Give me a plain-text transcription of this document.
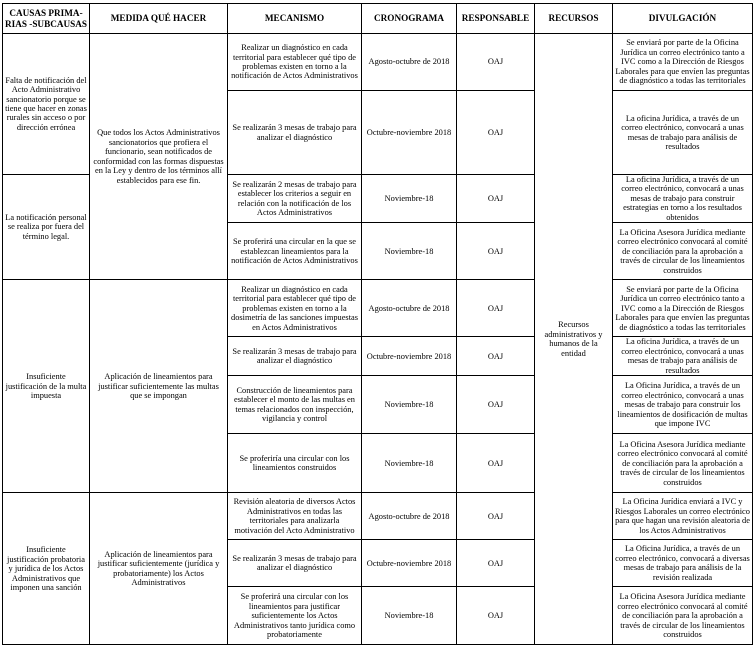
CAUSAS PRIMARIAS -SUBCAUSAS	MEDIDA QUÉ HACER	MECANISMO	CRONOGRAMA	RESPONSABLE	RECURSOS	DIVULGACIÓN
Falta de notificación del Acto Administrativo sancionatorio porque se tiene que hacer en zonas rurales sin acceso o por dirección errónea	Que todos los Actos Administrativos sancionatorios que profiera el funcionario, sean notificados de conformidad con las formas dispuestas en la Ley y dentro de los términos allí establecidos para ese fin.	Realizar un diagnóstico en cada territorial para establecer qué tipo de problemas existen en torno a la notificación de Actos Administrativos	Agosto-octubre de 2018	OAJ	Recursos administrativos y humanos de la entidad	Se enviará por parte de la Oficina Jurídica un correo electrónico tanto a IVC como a la Dirección de Riesgos Laborales para que envíen las preguntas de diagnóstico a todas las territoriales
		Se realizarán 3 mesas de trabajo para analizar el diagnóstico	Octubre-noviembre 2018	OAJ		La oficina Jurídica, a través de un correo electrónico, convocará a unas mesas de trabajo para análisis de resultados
La notificación personal se realiza por fuera del término legal.		Se realizarán 2 mesas de trabajo para establecer los criterios a seguir en relación con la notificación de los Actos Administrativos	Noviembre-18	OAJ		La oficina Jurídica, a través de un correo electrónico, convocará a unas mesas de trabajo para construir estrategias en torno a los resultados obtenidos
		Se proferirá una circular en la que se establezcan lineamientos para la notificación de Actos Administrativos	Noviembre-18	OAJ		La Oficina Asesora Jurídica mediante correo electrónico convocará al comité de conciliación para la aprobación a través de circular de los lineamientos construidos
Insuficiente justificación de la multa impuesta	Aplicación de lineamientos para justificar suficientemente las multas que se impongan	Realizar un diagnóstico en cada territorial para establecer qué tipo de problemas existen en torno a la dosimetría de las sanciones impuestas en Actos Administrativos	Agosto-octubre de 2018	OAJ		Se enviará por parte de la Oficina Jurídica un correo electrónico tanto a IVC como a la Dirección de Riesgos Laborales para que envíen las preguntas de diagnóstico a todas las territoriales
		Se realizarán 3 mesas de trabajo para analizar el diagnóstico	Octubre-noviembre 2018	OAJ		La oficina Jurídica, a través de un correo electrónico, convocará a unas mesas de trabajo para análisis de resultados
		Construcción de lineamientos para establecer el monto de las multas en temas relacionados con inspección, vigilancia y control	Noviembre-18	OAJ		La Oficina Jurídica, a través de un correo electrónico, convocará a unas mesas de trabajo para construir los lineamientos de dosificación de multas que impone IVC
		Se proferiría una circular con los lineamientos construidos	Noviembre-18	OAJ		La Oficina Asesora Jurídica mediante correo electrónico convocará al comité de conciliación para la aprobación a través de circular de los lineamientos construidos
Insuficiente justificación probatoria y jurídica de los Actos Administrativos que imponen una sanción	Aplicación de lineamientos para justificar suficientemente (jurídica y probatoriamente) los Actos Administrativos	Revisión aleatoria de diversos Actos Administrativos en todas las territoriales para analizarla motivación del Acto Administrativo	Agosto-octubre de 2018	OAJ		La Oficina Jurídica enviará a IVC y Riesgos Laborales un correo electrónico para que hagan una revisión aleatoria de los Actos Administrativos
		Se realizarán 3 mesas de trabajo para analizar el diagnóstico	Octubre-noviembre 2018	OAJ		La Oficina Jurídica, a través de un correo electrónico, convocará a diversas mesas de trabajo para análisis de la revisión realizada
		Se proferirá una circular con los lineamientos para justificar suficientemente los Actos Administrativos tanto jurídica como probatoriamente	Noviembre-18	OAJ		La Oficina Asesora Jurídica mediante correo electrónico convocará al comité de conciliación para la aprobación a través de circular de los lineamientos construidos
